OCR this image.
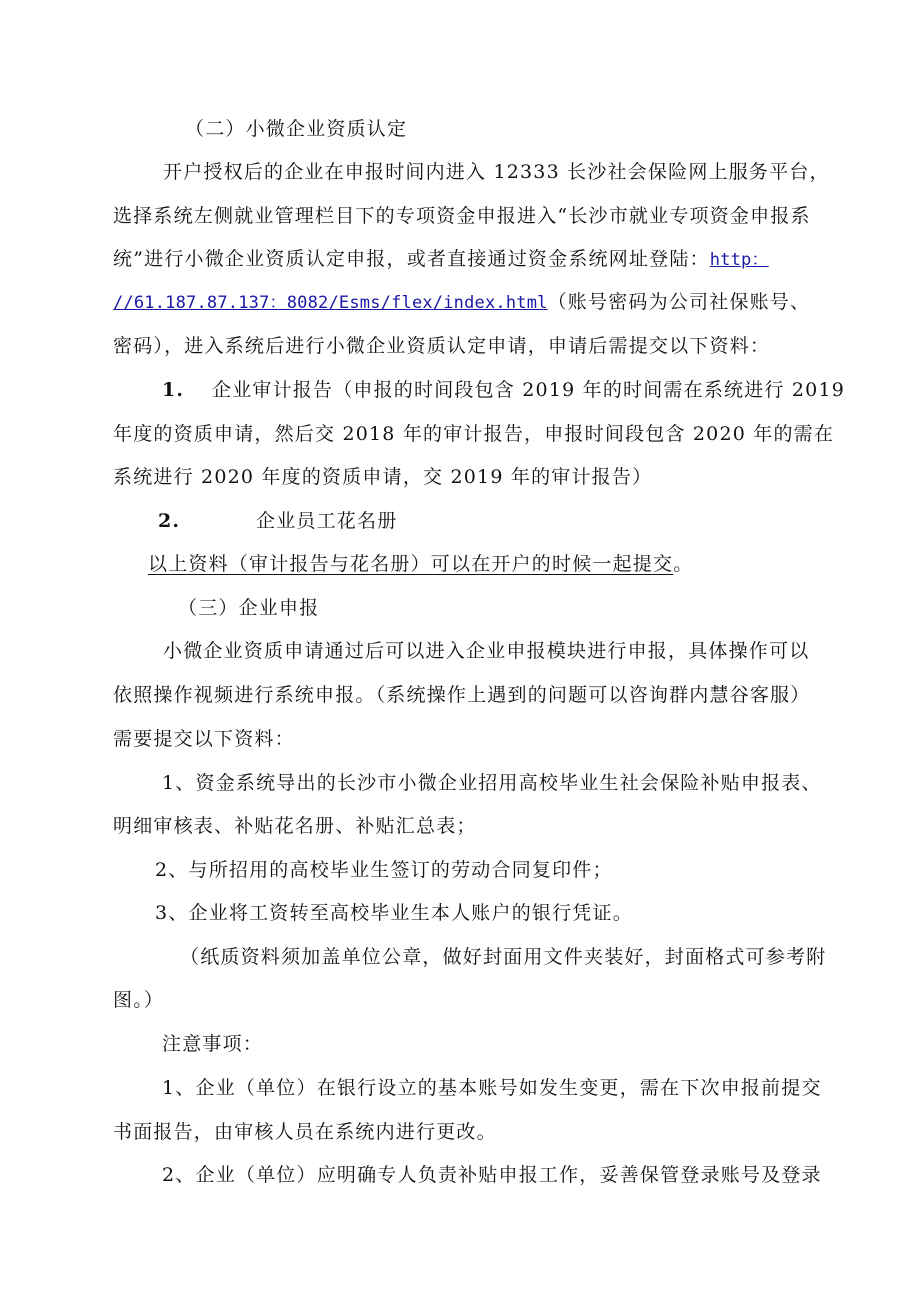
（二）小微企业资质认定
开户授权后的企业在申报时间内进入 12333 长沙社会保险网上服务平台，
选择系统左侧就业管理栏目下的专项资金申报进入“长沙市就业专项资金申报系
统”进行小微企业资质认定申报，或者直接通过资金系统网址登陆：http：
//61.187.87.137：8082/Esms/flex/index.html（账号密码为公司社保账号、
密码），进入系统后进行小微企业资质认定申请，申请后需提交以下资料：
1. 企业审计报告（申报的时间段包含 2019 年的时间需在系统进行 2019
年度的资质申请，然后交 2018 年的审计报告，申报时间段包含 2020 年的需在
系统进行 2020 年度的资质申请，交 2019 年的审计报告）
2.	企业员工花名册
以上资料（审计报告与花名册）可以在开户的时候一起提交。
（三）企业申报
小微企业资质申请通过后可以进入企业申报模块进行申报，具体操作可以
依照操作视频进行系统申报。（系统操作上遇到的问题可以咨询群内慧谷客服）
需要提交以下资料：
1、资金系统导出的长沙市小微企业招用高校毕业生社会保险补贴申报表、
明细审核表、补贴花名册、补贴汇总表；
2、与所招用的高校毕业生签订的劳动合同复印件；
3、企业将工资转至高校毕业生本人账户的银行凭证。
（纸质资料须加盖单位公章，做好封面用文件夹装好，封面格式可参考附
图。）
注意事项：
1、企业（单位）在银行设立的基本账号如发生变更，需在下次申报前提交
书面报告，由审核人员在系统内进行更改。
2、企业（单位）应明确专人负责补贴申报工作，妥善保管登录账号及登录
